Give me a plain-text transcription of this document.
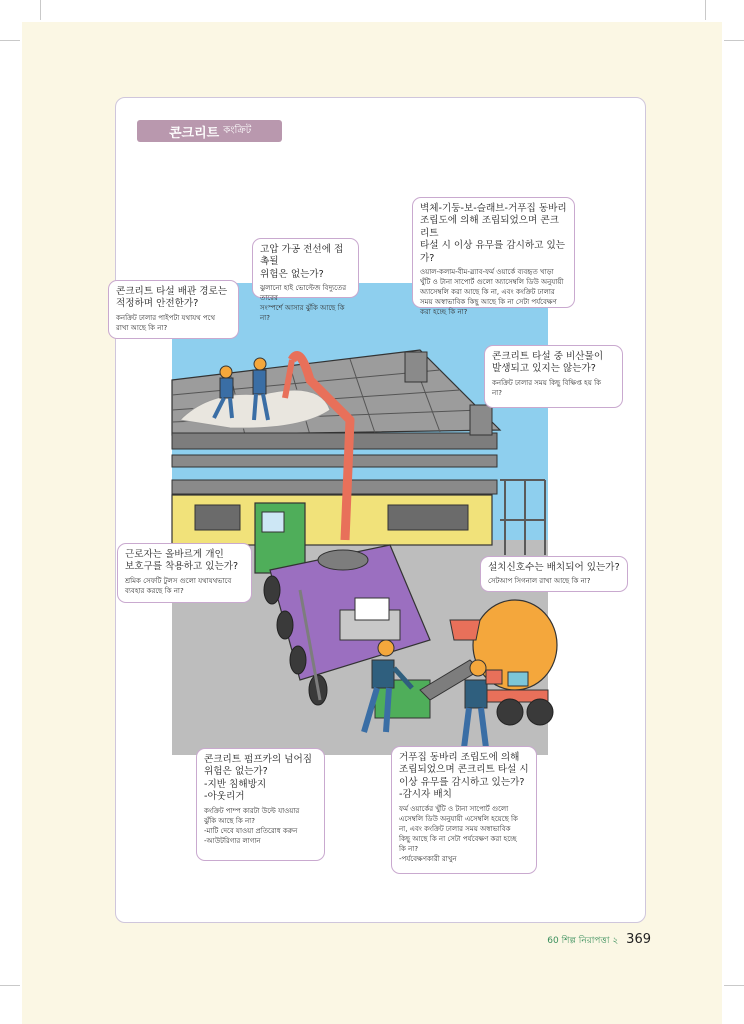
콘크리트 কংক্রিট
콘크리트 타설 배관 경로는
적정하며 안전한가?
কনক্রিট ঢালার পাইপটা যথাযথ পথে
রাখা আছে কি না?
고압 가공 전선에 접촉될
위험은 없는가?
ঝুলানো হাই ভোল্টেজ বিদ্যুতের তারের
সংস্পর্শে আসার ঝুঁকি আছে কি না?
벽체-기둥-보-슬래브-거푸집 동바리
조립도에 의해 조립되었으며 콘크리트
타설 시 이상 유무를 감시하고 있는가?
ওয়াল-কলাম-বীম-স্ল্যাব-ফর্ম ওয়ার্কে ব্যবহৃত খাড়া
খুঁটি ও টানা সাপোর্ট গুলো অ্যাসেম্বলি ডিউ অনুযায়ী
অ্যাসেম্বলি করা আছে কি না, এবং কংক্রিট ঢালার
সময় অস্বাভাবিক কিছু আছে কি না সেটা পর্যবেক্ষণ
করা হচ্ছে কি না?
콘크리트 타설 중 비산물이
발생되고 있지는 않는가?
কনক্রিট ঢালার সময় কিছু বিক্ষিপ্ত হয় কি
না?
근로자는 올바르게 개인
보호구를 착용하고 있는가?
শ্রমিক সেফটি টুলস গুলো যথাযথভাবে
ব্যবহার করছে কি না?
설치신호수는 배치되어 있는가?
সেটআপ সিগনাল রাখা আছে কি না?
콘크리트 펌프카의 넘어짐
위험은 없는가?
-지반 침해방지
-아웃리거
কংক্রিট পাম্প কারটা উল্টে যাওয়ার
ঝুঁকি আছে কি না?
-মাটি দেবে যাওয়া প্রতিরোধ করুন
-আউটরিগার লাগান
거푸집 동바리 조립도에 의해
조립되었으며 콘크리트 타설 시
이상 유무를 감시하고 있는가?
-감시자 배치
ফর্ম ওয়ার্কের খুঁটি ও টানা সাপোর্ট গুলো
এসেম্বলি ডিউ অনুযায়ী এসেম্বলি হয়েছে কি
না, এবং কংক্রিট ঢালার সময় অস্বাভাবিক
কিছু আছে কি না সেটা পর্যবেক্ষণ করা হচ্ছে
কি না?
-পর্যবেক্ষণকারী রাখুন
60 শিল্প নিরাপত্তা ২ 369
